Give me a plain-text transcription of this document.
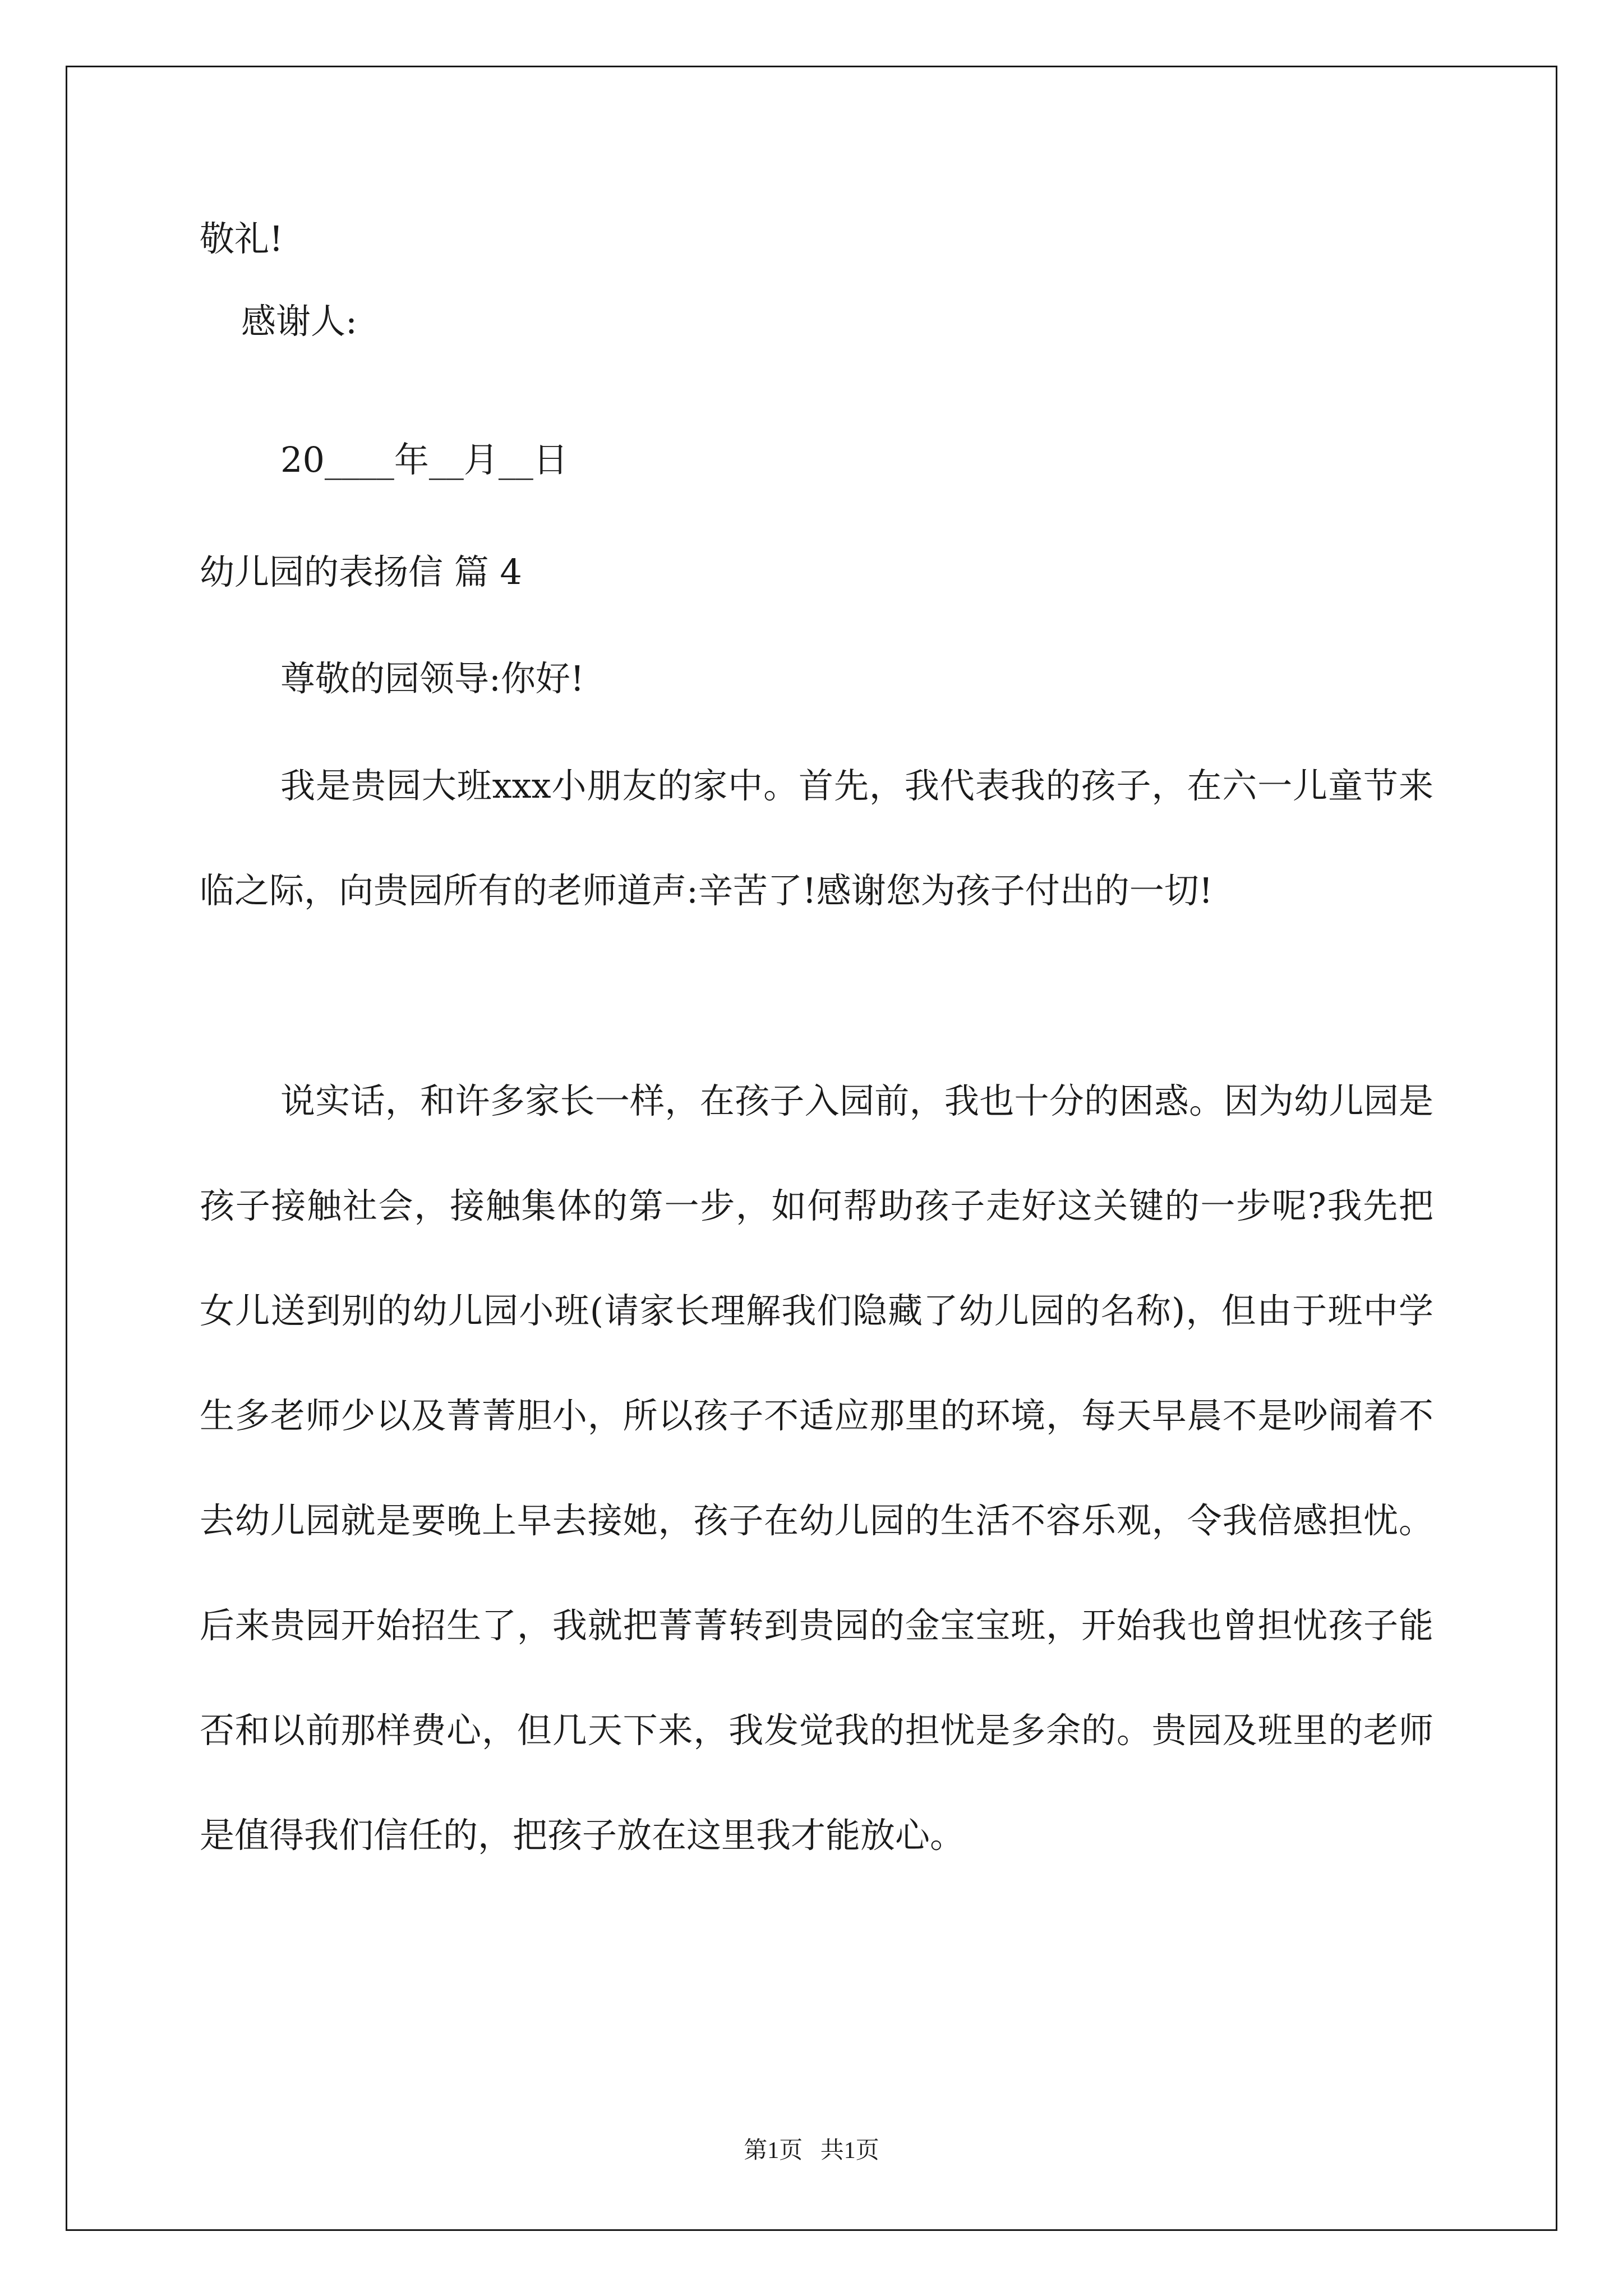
敬礼!

感谢人:

20____年__月__日

幼儿园的表扬信 篇 4

尊敬的园领导:你好!

我是贵园大班xxx小朋友的家中。首先，我代表我的孩子，在六一儿童节来临之际，向贵园所有的老师道声:辛苦了!感谢您为孩子付出的一切!

说实话，和许多家长一样，在孩子入园前，我也十分的困惑。因为幼儿园是孩子接触社会，接触集体的第一步，如何帮助孩子走好这关键的一步呢?我先把女儿送到别的幼儿园小班(请家长理解我们隐藏了幼儿园的名称)，但由于班中学生多老师少以及菁菁胆小，所以孩子不适应那里的环境，每天早晨不是吵闹着不去幼儿园就是要晚上早去接她，孩子在幼儿园的生活不容乐观，令我倍感担忧。后来贵园开始招生了，我就把菁菁转到贵园的金宝宝班，开始我也曾担忧孩子能否和以前那样费心，但几天下来，我发觉我的担忧是多余的。贵园及班里的老师是值得我们信任的，把孩子放在这里我才能放心。

第1页   共1页
